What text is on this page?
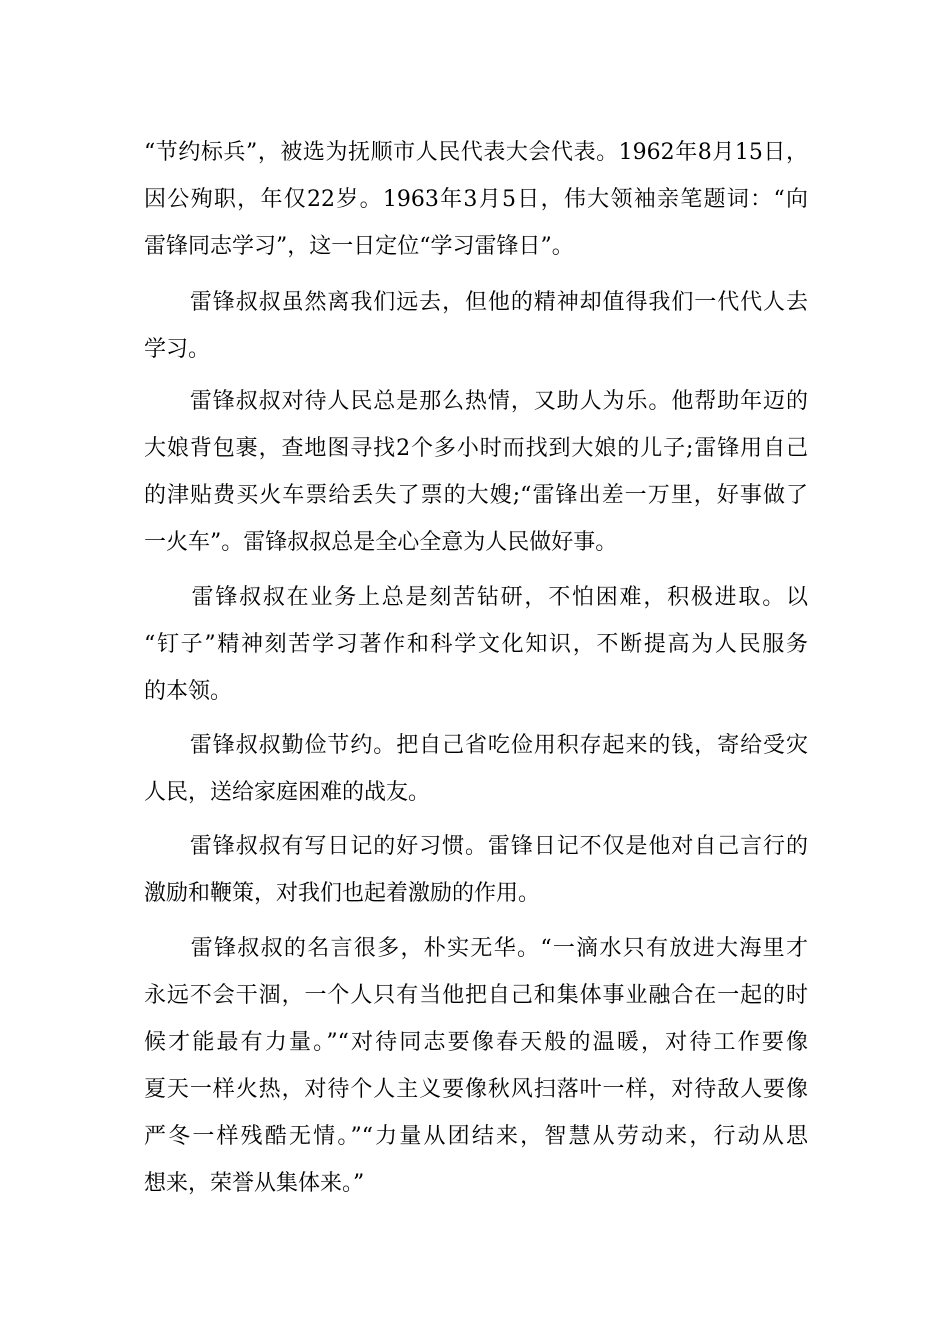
“节约标兵”，被选为抚顺市人民代表大会代表。1962年8月15日，
因公殉职，年仅22岁。1963年3月5日，伟大领袖亲笔题词：“向
雷锋同志学习”，这一日定位“学习雷锋日”。
　　雷锋叔叔虽然离我们远去，但他的精神却值得我们一代代人去
学习。
　　雷锋叔叔对待人民总是那么热情，又助人为乐。他帮助年迈的
大娘背包裹，查地图寻找2个多小时而找到大娘的儿子;雷锋用自己
的津贴费买火车票给丢失了票的大嫂;“雷锋出差一万里，好事做了
一火车”。雷锋叔叔总是全心全意为人民做好事。
　　雷锋叔叔在业务上总是刻苦钻研，不怕困难，积极进取。以
“钉子”精神刻苦学习著作和科学文化知识，不断提高为人民服务
的本领。
　　雷锋叔叔勤俭节约。把自己省吃俭用积存起来的钱，寄给受灾
人民，送给家庭困难的战友。
　　雷锋叔叔有写日记的好习惯。雷锋日记不仅是他对自己言行的
激励和鞭策，对我们也起着激励的作用。
　　雷锋叔叔的名言很多，朴实无华。“一滴水只有放进大海里才
永远不会干涸，一个人只有当他把自己和集体事业融合在一起的时
候才能最有力量。”“对待同志要像春天般的温暖，对待工作要像
夏天一样火热，对待个人主义要像秋风扫落叶一样，对待敌人要像
严冬一样残酷无情。”“力量从团结来，智慧从劳动来，行动从思
想来，荣誉从集体来。”
